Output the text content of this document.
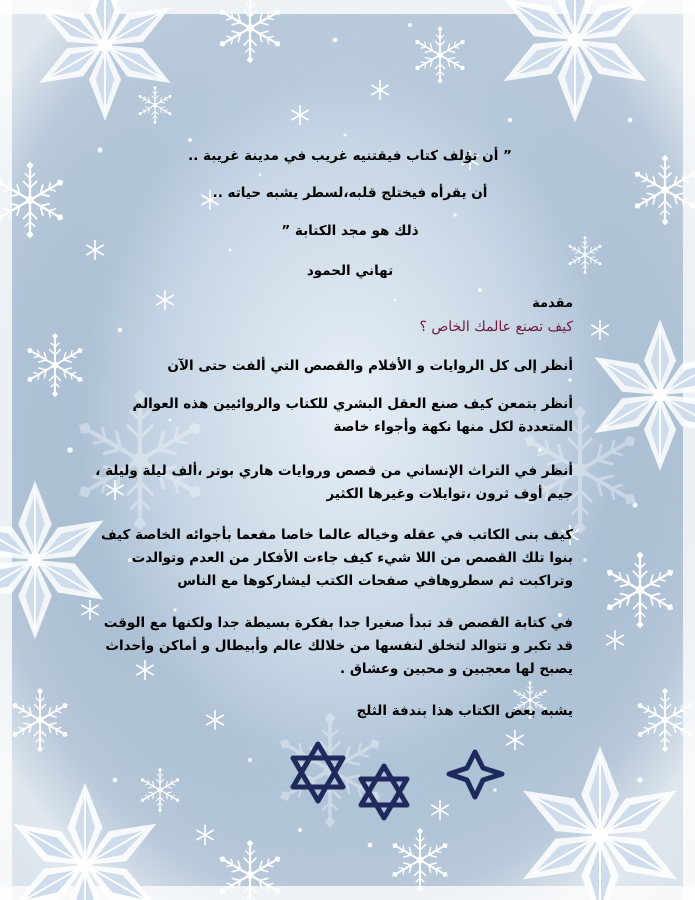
” أن تؤلف كتاب فيقتنيه غريب في مدينة غريبة ..
أن يقرأه فيختلج قلبه،لسطر يشبه حياته ..
ذلك هو مجد الكتابة ”
تهاني الحمود
مقدمة
كيف تصنع عالمك الخاص ؟
أنظر إلى كل الروايات و الأفلام والقصص التي ألفت حتى الآن
أنظر بتمعن كيف صنع العقل البشري للكتاب والروائيين هذه العوالم
المتعددة لكل منها نكهة وأجواء خاصة
أنظر في التراث الإنساني من قصص وروايات هاري بوتر ،ألف ليلة وليلة ،
جيم أوف ثرون ،توايلات وغيرها الكثير
كيف بنى الكاتب في عقله وخياله عالما خاصا مفعما بأجوائه الخاصة كيف
بنوا تلك القصص من اللا شيء كيف جاءت الأفكار من العدم وتوالدت
وتراكبت ثم سطروهافي صفحات الكتب ليشاركوها مع الناس
في كتابة القصص قد تبدأ صغيرا جدا بفكرة بسيطة جدا ولكنها مع الوقت
قد تكبر و تتوالد لتخلق لنفسها من خلالك عالم وأبيطال و أماكن وأحداث
يصبح لها معجبين و محبين وعشاق .
يشبه بعض الكتاب هذا بندفة الثلج
